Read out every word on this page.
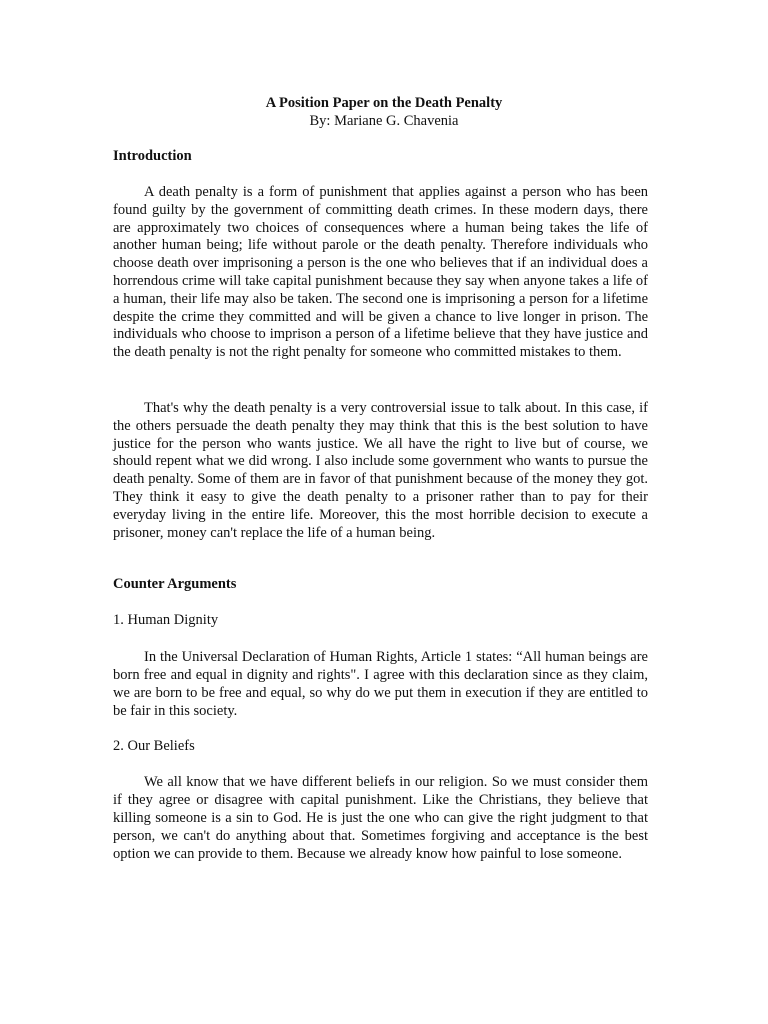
A Position Paper on the Death Penalty
By: Mariane G. Chavenia
Introduction

A death penalty is a form of punishment that applies against a person who has been found guilty by the government of committing death crimes. In these modern days, there are approximately two choices of consequences where a human being takes the life of another human being; life without parole or the death penalty. Therefore individuals who choose death over imprisoning a person is the one who believes that if an individual does a horrendous crime will take capital punishment because they say when anyone takes a life of a human, their life may also be taken. The second one is imprisoning a person for a lifetime despite the crime they committed and will be given a chance to live longer in prison. The individuals who choose to imprison a person of a lifetime believe that they have justice and the death penalty is not the right penalty for someone who committed mistakes to them.

That's why the death penalty is a very controversial issue to talk about. In this case, if the others persuade the death penalty they may think that this is the best solution to have justice for the person who wants justice. We all have the right to live but of course, we should repent what we did wrong. I also include some government who wants to pursue the death penalty. Some of them are in favor of that punishment because of the money they got. They think it easy to give the death penalty to a prisoner rather than to pay for their everyday living in the entire life. Moreover, this the most horrible decision to execute a prisoner, money can't replace the life of a human being.

Counter Arguments
1. Human Dignity

In the Universal Declaration of Human Rights, Article 1 states: “All human beings are born free and equal in dignity and rights". I agree with this declaration since as they claim, we are born to be free and equal, so why do we put them in execution if they are entitled to be fair in this society.

2. Our Beliefs

We all know that we have different beliefs in our religion. So we must consider them if they agree or disagree with capital punishment. Like the Christians, they believe that killing someone is a sin to God. He is just the one who can give the right judgment to that person, we can't do anything about that. Sometimes forgiving and acceptance is the best option we can provide to them. Because we already know how painful to lose someone.
